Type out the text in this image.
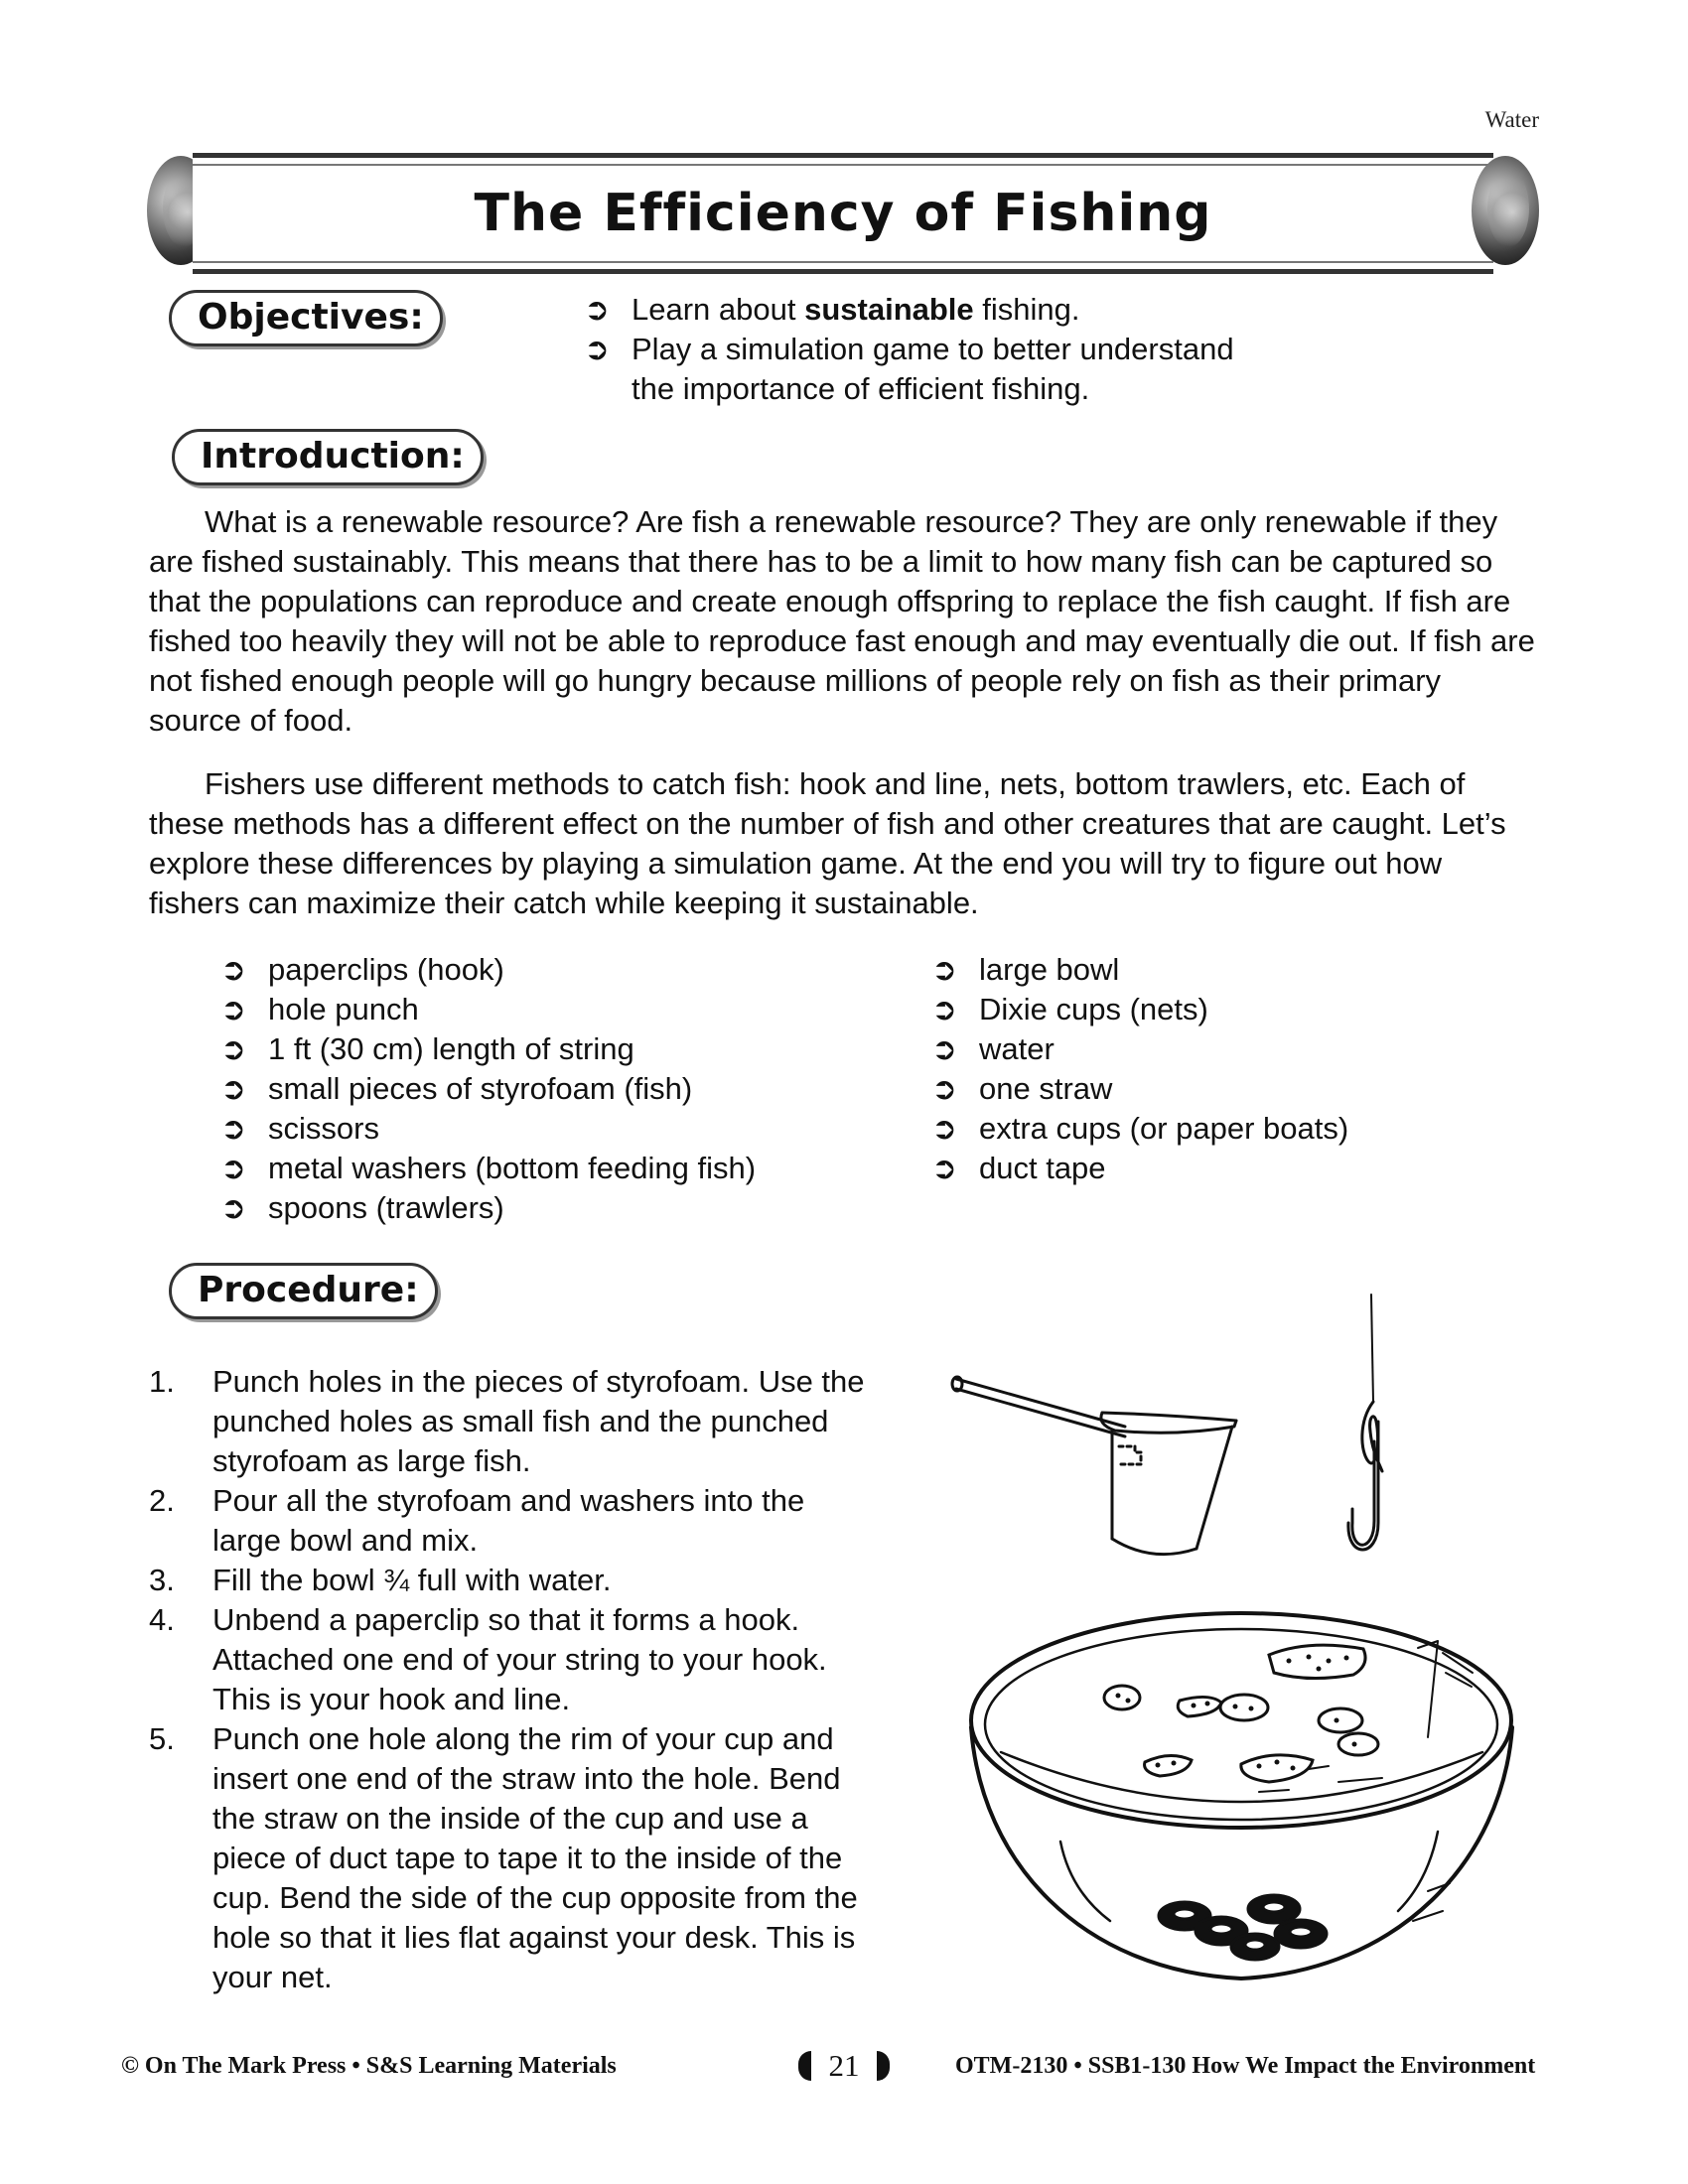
Water
The Efficiency of Fishing
Objectives:	➲ Learn about sustainable fishing.
➲ Play a simulation game to better understand
the importance of efficient fishing.
Introduction:

What is a renewable resource? Are fish a renewable resource? They are only renewable if they are fished sustainably. This means that there has to be a limit to how many fish can be captured so that the populations can reproduce and create enough offspring to replace the fish caught. If fish are fished too heavily they will not be able to reproduce fast enough and may eventually die out. If fish are not fished enough people will go hungry because millions of people rely on fish as their primary source of food.

Fishers use different methods to catch fish: hook and line, nets, bottom trawlers, etc. Each of these methods has a different effect on the number of fish and other creatures that are caught. Let’s explore these differences by playing a simulation game. At the end you will try to figure out how fishers can maximize their catch while keeping it sustainable.

➲ paperclips (hook)
➲ hole punch
➲ 1 ft (30 cm) length of string
➲ small pieces of styrofoam (fish)
➲ scissors
➲ metal washers (bottom feeding fish)
➲ spoons (trawlers)
➲ large bowl
➲ Dixie cups (nets)
➲ water
➲ one straw
➲ extra cups (or paper boats)
➲ duct tape
Procedure:
1. Punch holes in the pieces of styrofoam. Use the
punched holes as small fish and the punched
styrofoam as large fish.
2. Pour all the styrofoam and washers into the
large bowl and mix.
3. Fill the bowl ¾ full with water.
4. Unbend a paperclip so that it forms a hook.
Attached one end of your string to your hook.
This is your hook and line.
5. Punch one hole along the rim of your cup and
insert one end of the straw into the hole. Bend
the straw on the inside of the cup and use a
piece of duct tape to tape it to the inside of the
cup. Bend the side of the cup opposite from the
hole so that it lies flat against your desk. This is
your net.
© On The Mark Press • S&S Learning Materials	21	OTM-2130 • SSB1-130 How We Impact the Environment
